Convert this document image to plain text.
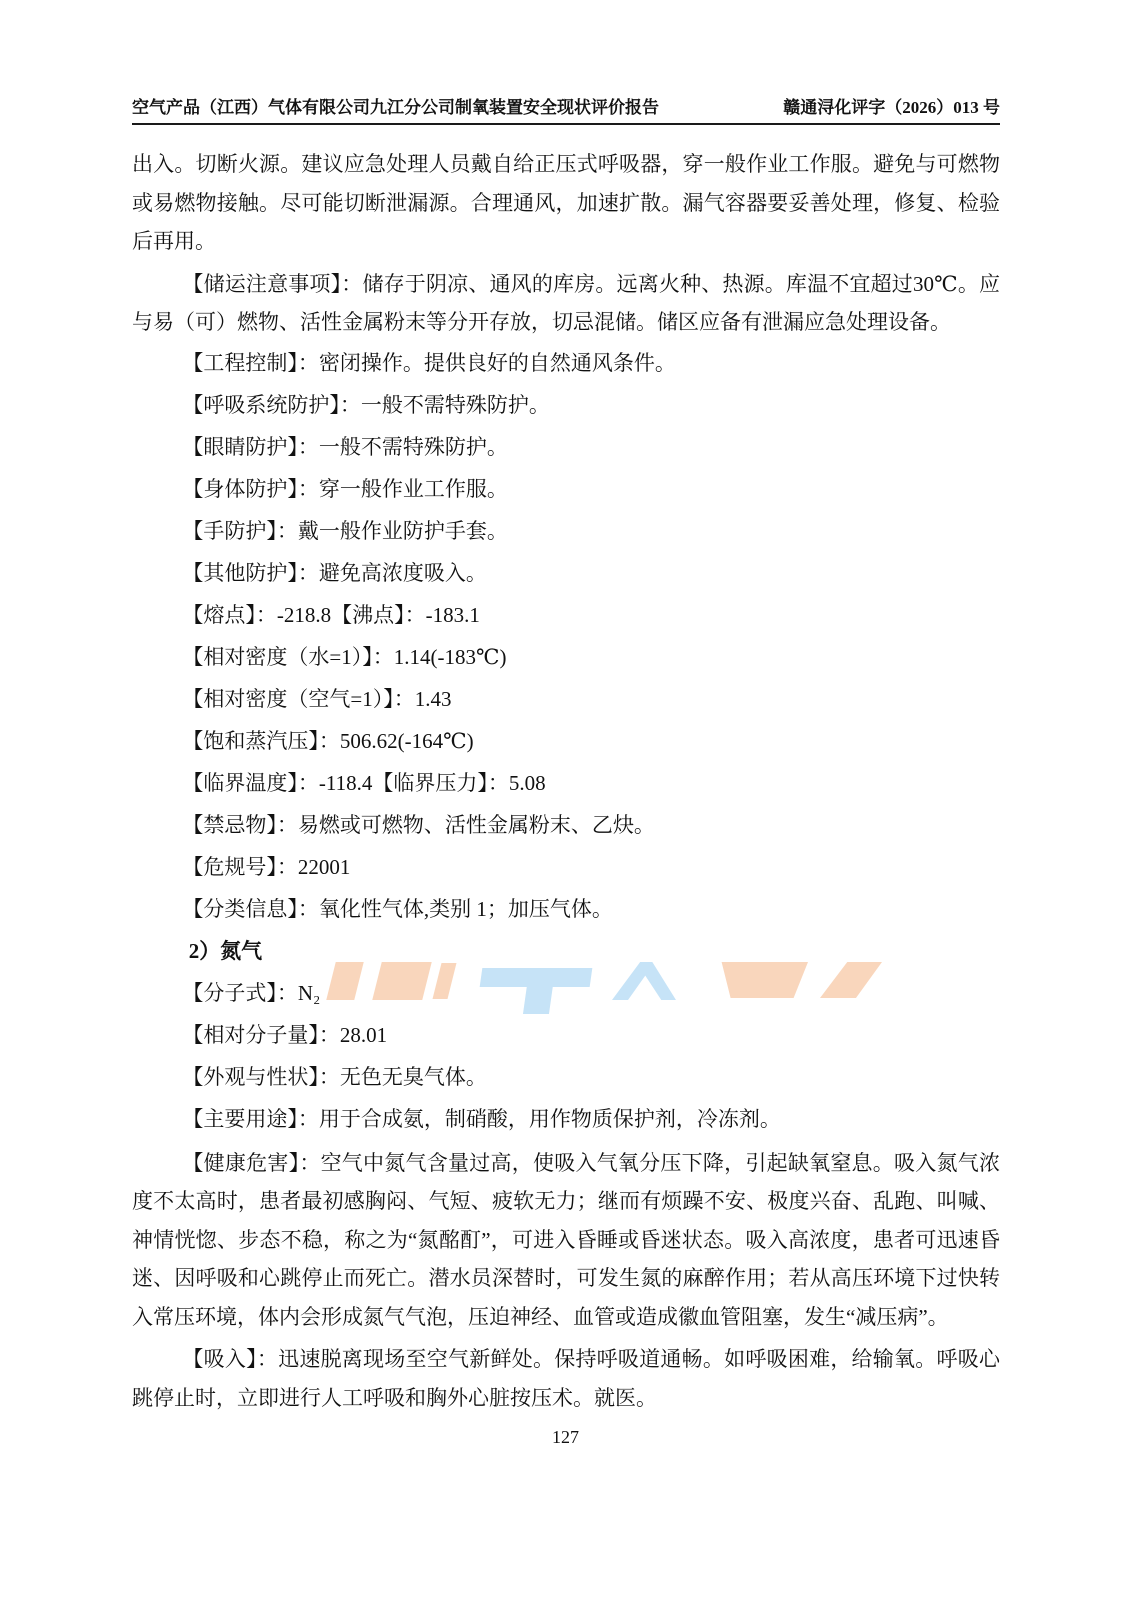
空气产品（江西）气体有限公司九江分公司制氧装置安全现状评价报告	赣通浔化评字（2026）013 号
出入。切断火源。建议应急处理人员戴自给正压式呼吸器，穿一般作业工作服。避免与可燃物或易燃物接触。尽可能切断泄漏源。合理通风，加速扩散。漏气容器要妥善处理，修复、检验后再用。
【储运注意事项】：储存于阴凉、通风的库房。远离火种、热源。库温不宜超过30℃。应与易（可）燃物、活性金属粉末等分开存放，切忌混储。储区应备有泄漏应急处理设备。
【工程控制】：密闭操作。提供良好的自然通风条件。
【呼吸系统防护】：一般不需特殊防护。
【眼睛防护】：一般不需特殊防护。
【身体防护】：穿一般作业工作服。
【手防护】：戴一般作业防护手套。
【其他防护】：避免高浓度吸入。
【熔点】：-218.8【沸点】：-183.1
【相对密度（水=1）】：1.14(-183℃)
【相对密度（空气=1）】：1.43
【饱和蒸汽压】：506.62(-164℃)
【临界温度】：-118.4【临界压力】：5.08
【禁忌物】：易燃或可燃物、活性金属粉末、乙炔。
【危规号】：22001
【分类信息】：氧化性气体,类别 1；加压气体。
2）氮气
【分子式】：N₂
【相对分子量】：28.01
【外观与性状】：无色无臭气体。
【主要用途】：用于合成氨，制硝酸，用作物质保护剂，冷冻剂。
【健康危害】：空气中氮气含量过高，使吸入气氧分压下降，引起缺氧窒息。吸入氮气浓度不太高时，患者最初感胸闷、气短、疲软无力；继而有烦躁不安、极度兴奋、乱跑、叫喊、神情恍惚、步态不稳，称之为“氮酩酊”，可进入昏睡或昏迷状态。吸入高浓度，患者可迅速昏迷、因呼吸和心跳停止而死亡。潜水员深替时，可发生氮的麻醉作用；若从高压环境下过快转入常压环境，体内会形成氮气气泡，压迫神经、血管或造成徽血管阻塞，发生“减压病”。
【吸入】：迅速脱离现场至空气新鲜处。保持呼吸道通畅。如呼吸困难，给输氧。呼吸心跳停止时，立即进行人工呼吸和胸外心脏按压术。就医。
127
